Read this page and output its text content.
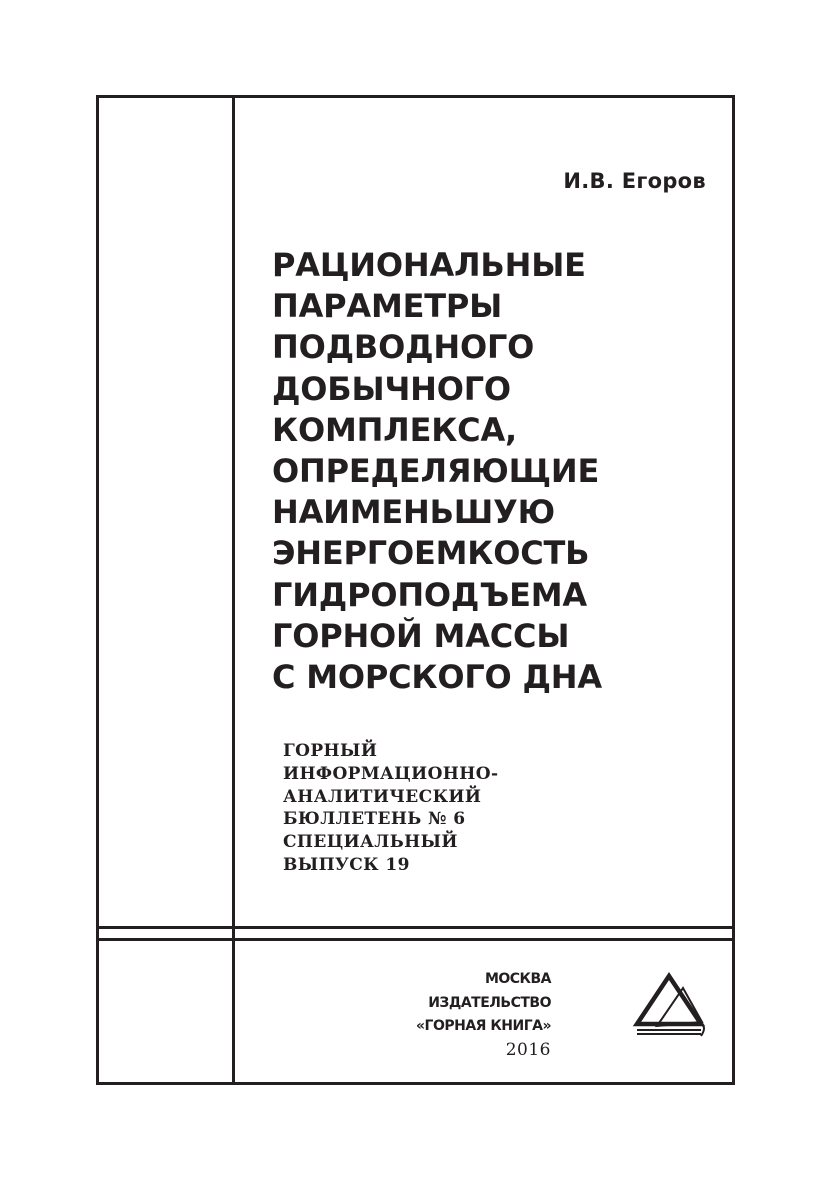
И.В. Егоров
РАЦИОНАЛЬНЫЕ
ПАРАМЕТРЫ
ПОДВОДНОГО
ДОБЫЧНОГО
КОМПЛЕКСА,
ОПРЕДЕЛЯЮЩИЕ
НАИМЕНЬШУЮ
ЭНЕРГОЕМКОСТЬ
ГИДРОПОДЪЕМА
ГОРНОЙ МАССЫ
С МОРСКОГО ДНА
ГОРНЫЙ
ИНФОРМАЦИОННО-
АНАЛИТИЧЕСКИЙ
БЮЛЛЕТЕНЬ № 6
СПЕЦИАЛЬНЫЙ
ВЫПУСК 19
МОСКВА
ИЗДАТЕЛЬСТВО
«ГОРНАЯ КНИГА»
2016
